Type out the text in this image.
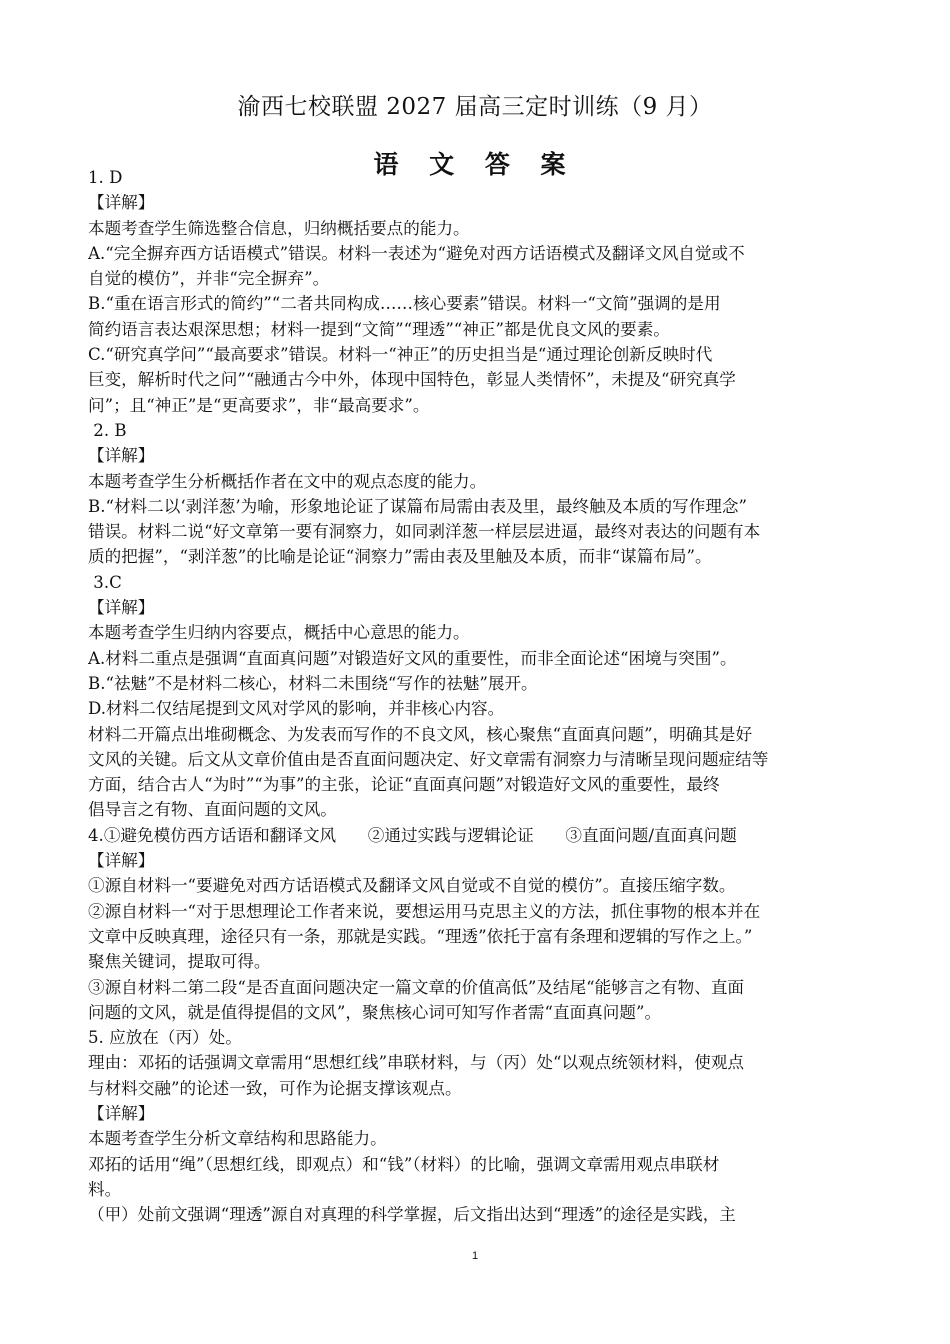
渝西七校联盟 2027 届高三定时训练（9 月）
语 文 答 案
1. D
【详解】
本题考查学生筛选整合信息，归纳概括要点的能力。
A.“完全摒弃西方话语模式”错误。材料一表述为“避免对西方话语模式及翻译文风自觉或不
自觉的模仿”，并非“完全摒弃”。
B.“重在语言形式的简约”“二者共同构成……核心要素”错误。材料一“文简”强调的是用
简约语言表达艰深思想；材料一提到“文简”“理透”“神正”都是优良文风的要素。
C.“研究真学问”“最高要求”错误。材料一“神正”的历史担当是“通过理论创新反映时代
巨变，解析时代之问”“融通古今中外，体现中国特色，彰显人类情怀”，未提及“研究真学
问”；且“神正”是“更高要求”，非“最高要求”。
2. B
【详解】
本题考查学生分析概括作者在文中的观点态度的能力。
B.“材料二以‘剥洋葱’为喻，形象地论证了谋篇布局需由表及里，最终触及本质的写作理念”
错误。材料二说“好文章第一要有洞察力，如同剥洋葱一样层层进逼，最终对表达的问题有本
质的把握”，“剥洋葱”的比喻是论证“洞察力”需由表及里触及本质，而非“谋篇布局”。
3.C
【详解】
本题考查学生归纳内容要点，概括中心意思的能力。
A.材料二重点是强调“直面真问题”对锻造好文风的重要性，而非全面论述“困境与突围”。
B.“祛魅”不是材料二核心，材料二未围绕“写作的祛魅”展开。
D.材料二仅结尾提到文风对学风的影响，并非核心内容。
材料二开篇点出堆砌概念、为发表而写作的不良文风，核心聚焦“直面真问题”，明确其是好
文风的关键。后文从文章价值由是否直面问题决定、好文章需有洞察力与清晰呈现问题症结等
方面，结合古人“为时”“为事”的主张，论证“直面真问题”对锻造好文风的重要性，最终
倡导言之有物、直面问题的文风。
4.①避免模仿西方话语和翻译文风      ②通过实践与逻辑论证      ③直面问题/直面真问题
【详解】
①源自材料一“要避免对西方话语模式及翻译文风自觉或不自觉的模仿”。直接压缩字数。
②源自材料一“对于思想理论工作者来说，要想运用马克思主义的方法，抓住事物的根本并在
文章中反映真理，途径只有一条，那就是实践。“理透”依托于富有条理和逻辑的写作之上。”
聚焦关键词，提取可得。
③源自材料二第二段“是否直面问题决定一篇文章的价值高低”及结尾“能够言之有物、直面
问题的文风，就是值得提倡的文风”，聚焦核心词可知写作者需“直面真问题”。
5. 应放在（丙）处。
理由：邓拓的话强调文章需用“思想红线”串联材料，与（丙）处“以观点统领材料，使观点
与材料交融”的论述一致，可作为论据支撑该观点。
【详解】
本题考查学生分析文章结构和思路能力。
邓拓的话用“绳”（思想红线，即观点）和“钱”（材料）的比喻，强调文章需用观点串联材
料。
（甲）处前文强调“理透”源自对真理的科学掌握，后文指出达到“理透”的途径是实践，主
1
